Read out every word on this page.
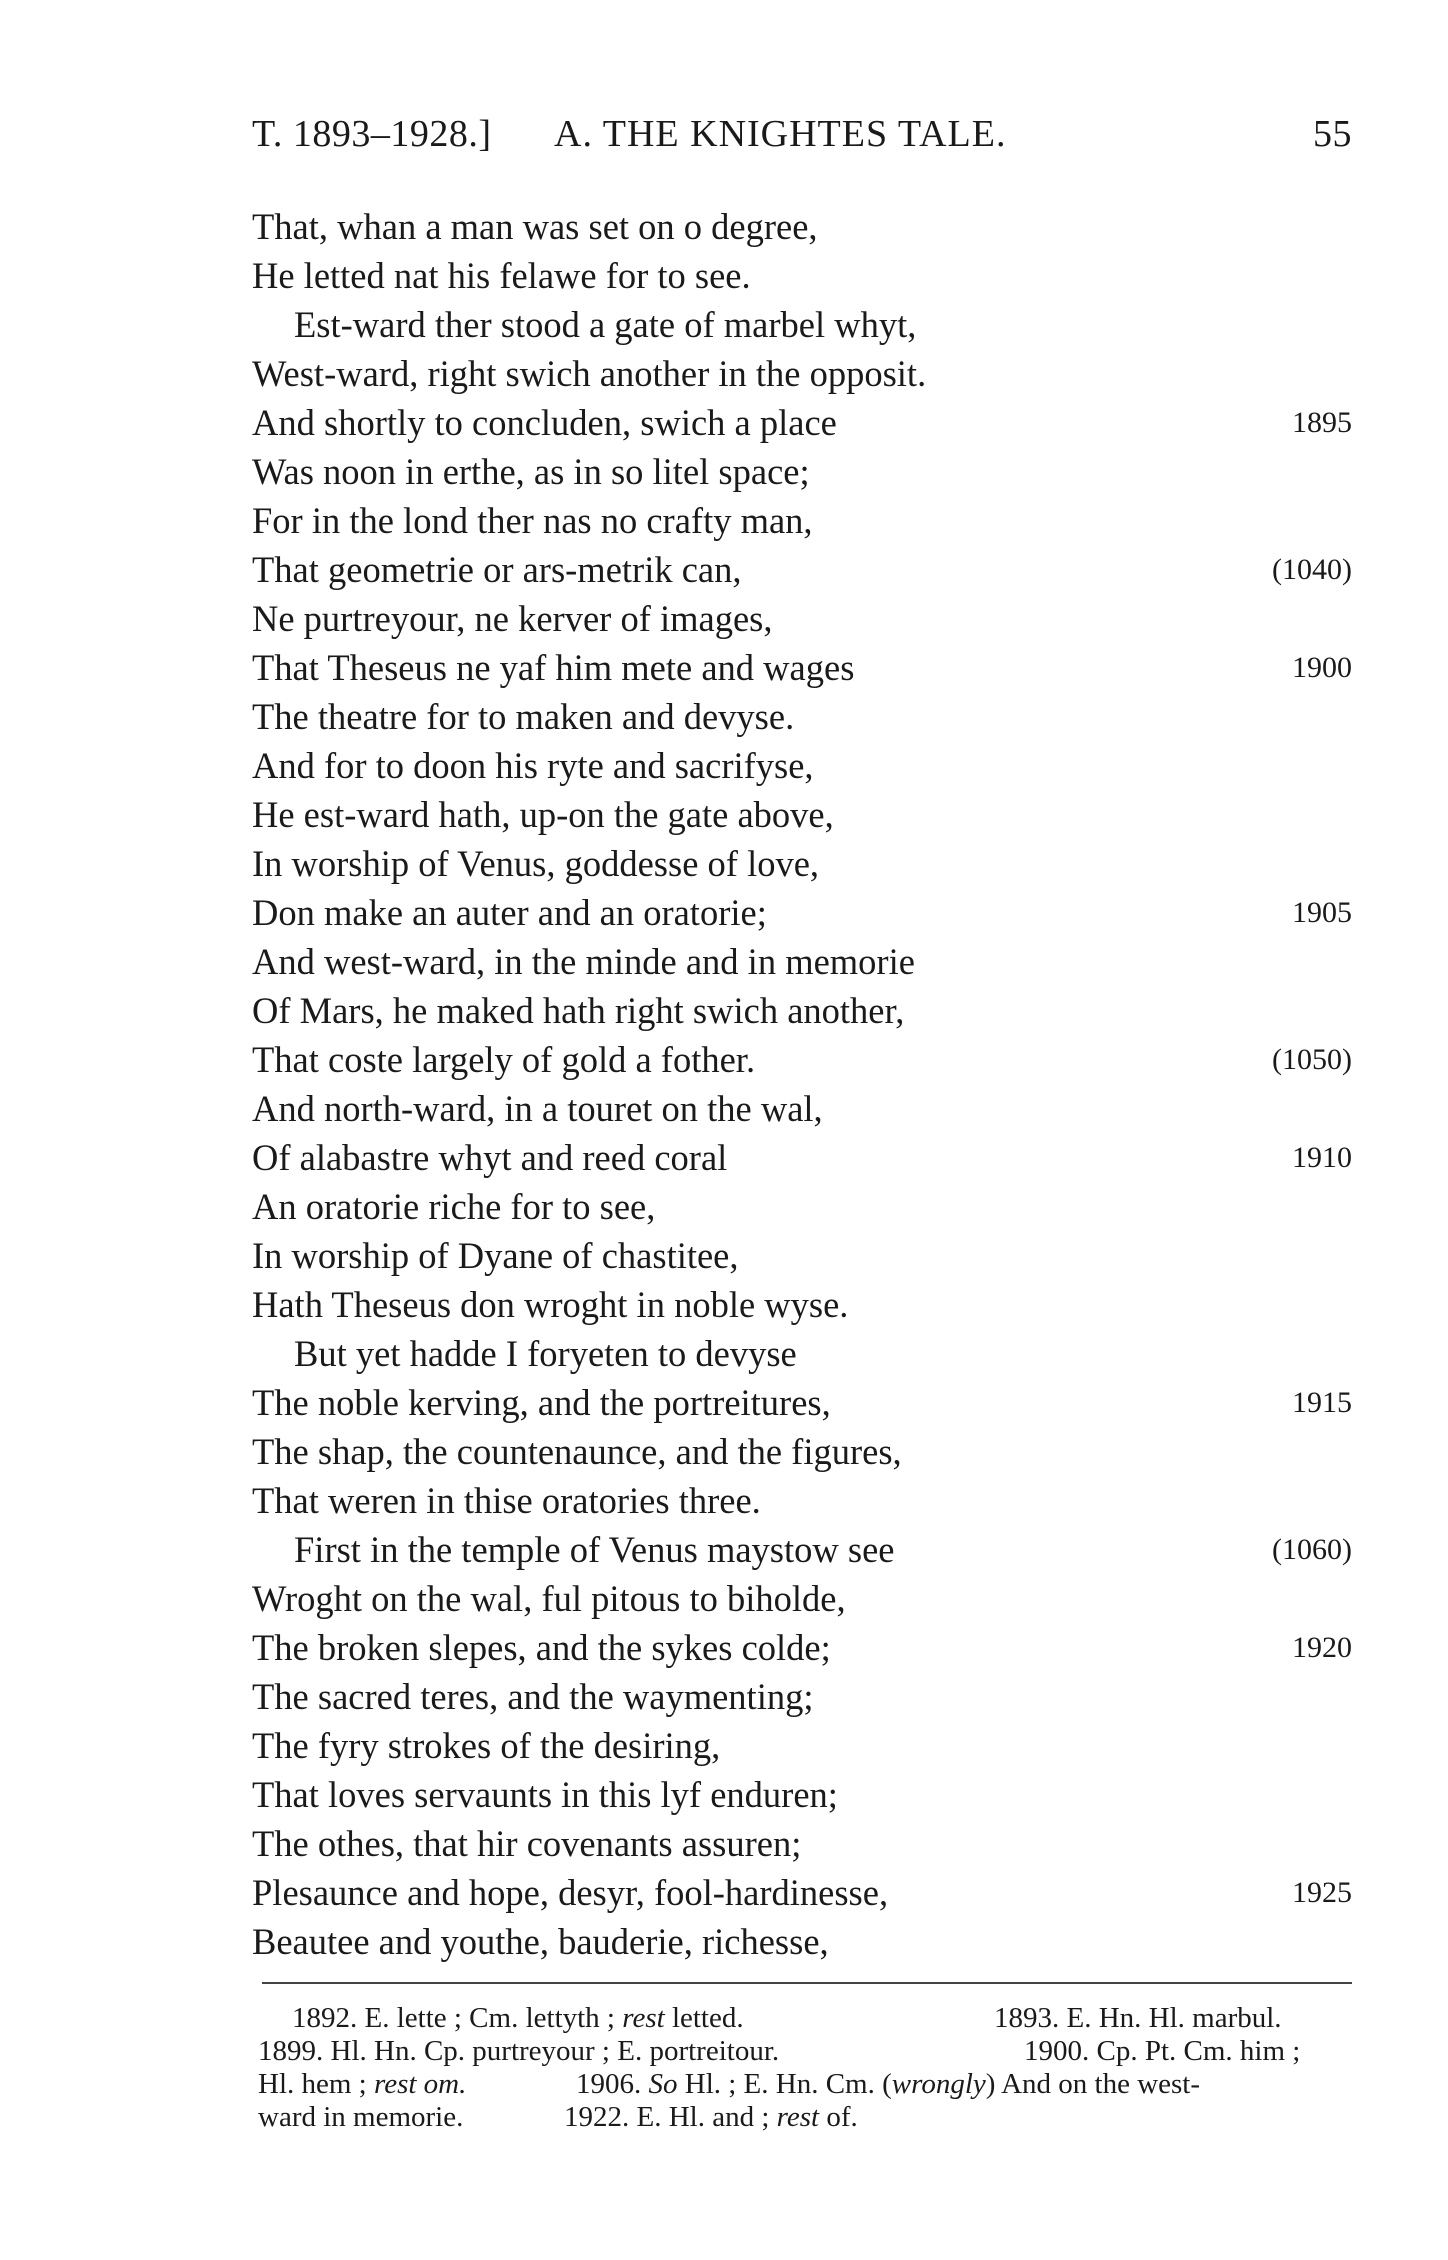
T. 1893–1928.] A. THE KNIGHTES TALE.	55
That, whan a man was set on o degree,
He letted nat his felawe for to see.
Est-ward ther stood a gate of marbel whyt,
West-ward, right swich another in the opposit.
And shortly to concluden, swich a place	1895
Was noon in erthe, as in so litel space;
For in the lond ther nas no crafty man,
That geometrie or ars-metrik can,	(1040)
Ne purtreyour, ne kerver of images,
That Theseus ne yaf him mete and wages	1900
The theatre for to maken and devyse.
And for to doon his ryte and sacrifyse,
He est-ward hath, up-on the gate above,
In worship of Venus, goddesse of love,
Don make an auter and an oratorie;	1905
And west-ward, in the minde and in memorie
Of Mars, he maked hath right swich another,
That coste largely of gold a fother.	(1050)
And north-ward, in a touret on the wal,
Of alabastre whyt and reed coral	1910
An oratorie riche for to see,
In worship of Dyane of chastitee,
Hath Theseus don wroght in noble wyse.
But yet hadde I foryeten to devyse
The noble kerving, and the portreitures,	1915
The shap, the countenaunce, and the figures,
That weren in thise oratories three.
First in the temple of Venus maystow see	(1060)
Wroght on the wal, ful pitous to biholde,
The broken slepes, and the sykes colde;	1920
The sacred teres, and the waymenting;
The fyry strokes of the desiring,
That loves servaunts in this lyf enduren;
The othes, that hir covenants assuren;
Plesaunce and hope, desyr, fool-hardinesse,	1925
Beautee and youthe, bauderie, richesse,
1892. E. lette ; Cm. lettyth ; rest letted.	1893. E. Hn. Hl. marbul.
1899. Hl. Hn. Cp. purtreyour ; E. portreitour.	1900. Cp. Pt. Cm. him ;
Hl. hem ; rest om.	1906. So Hl. ; E. Hn. Cm. (wrongly) And on the west-
ward in memorie.	1922. E. Hl. and ; rest of.
